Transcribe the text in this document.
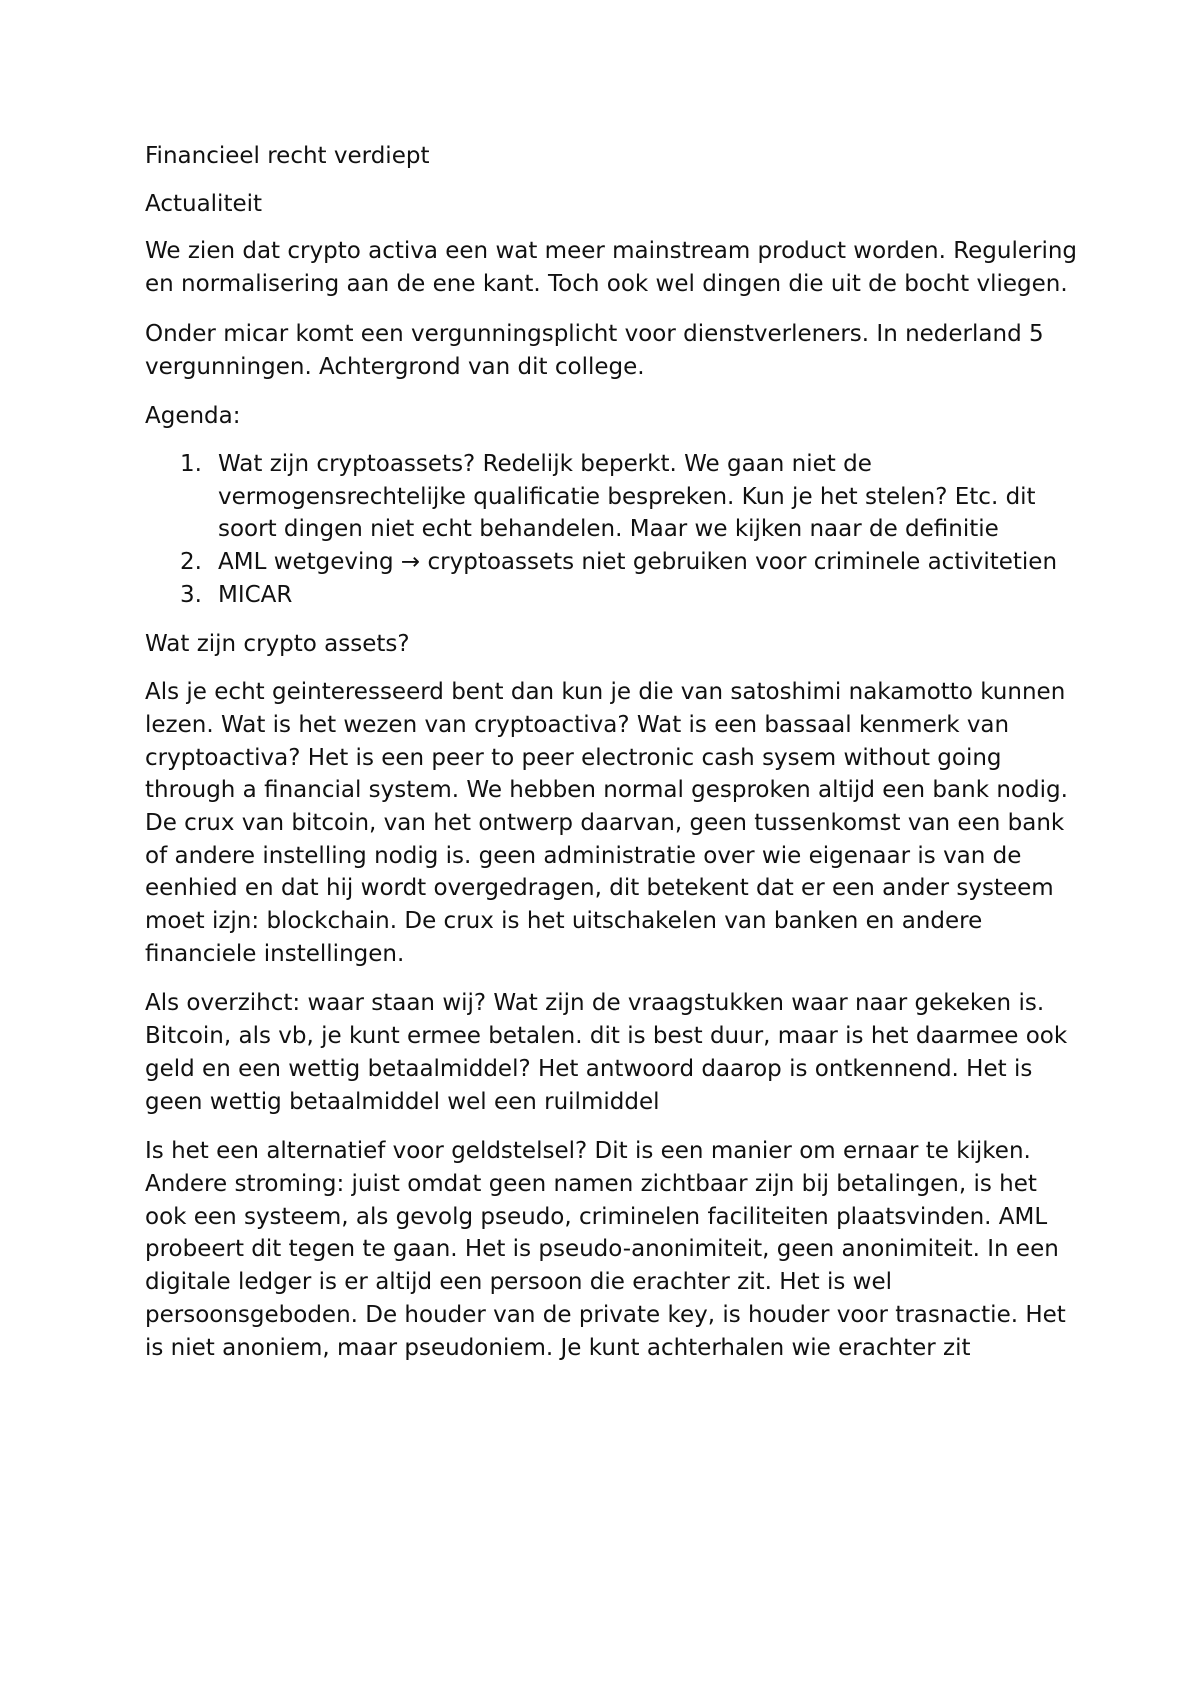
Financieel recht verdiept

Actualiteit

We zien dat crypto activa een wat meer mainstream product worden. Regulering en normalisering aan de ene kant. Toch ook wel dingen die uit de bocht vliegen.

Onder micar komt een vergunningsplicht voor dienstverleners. In nederland 5 vergunningen. Achtergrond van dit college.

Agenda:

1. Wat zijn cryptoassets? Redelijk beperkt. We gaan niet de vermogensrechtelijke qualificatie bespreken. Kun je het stelen? Etc. dit soort dingen niet echt behandelen. Maar we kijken naar de definitie
2. AML wetgeving → cryptoassets niet gebruiken voor criminele activitetien
3. MICAR

Wat zijn crypto assets?

Als je echt geinteresseerd bent dan kun je die van satoshimi nakamotto kunnen lezen. Wat is het wezen van cryptoactiva? Wat is een bassaal kenmerk van cryptoactiva? Het is een peer to peer electronic cash sysem without going through a financial system. We hebben normal gesproken altijd een bank nodig. De crux van bitcoin, van het ontwerp daarvan, geen tussenkomst van een bank of andere instelling nodig is. geen administratie over wie eigenaar is van de eenhied en dat hij wordt overgedragen, dit betekent dat er een ander systeem moet izjn: blockchain. De crux is het uitschakelen van banken en andere financiele instellingen.

Als overzihct: waar staan wij? Wat zijn de vraagstukken waar naar gekeken is. Bitcoin, als vb, je kunt ermee betalen. dit is best duur, maar is het daarmee ook geld en een wettig betaalmiddel? Het antwoord daarop is ontkennend. Het is geen wettig betaalmiddel wel een ruilmiddel

Is het een alternatief voor geldstelsel? Dit is een manier om ernaar te kijken. Andere stroming: juist omdat geen namen zichtbaar zijn bij betalingen, is het ook een systeem, als gevolg pseudo, criminelen faciliteiten plaatsvinden. AML probeert dit tegen te gaan. Het is pseudo-anonimiteit, geen anonimiteit. In een digitale ledger is er altijd een persoon die erachter zit. Het is wel persoonsgeboden. De houder van de private key, is houder voor trasnactie. Het is niet anoniem, maar pseudoniem. Je kunt achterhalen wie erachter zit
